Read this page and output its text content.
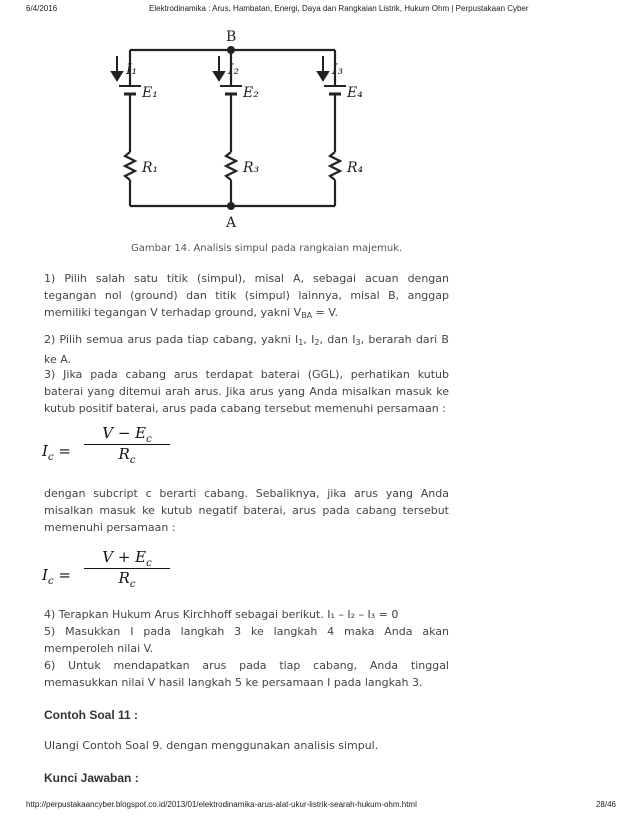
6/4/2016	Elektrodinamika : Arus, Hambatan, Energi, Daya dan Rangkaian Listrik, Hukum Ohm | Perpustakaan Cyber
B
A
I₁	I₂	I₃
E₁	E₂	E₄
R₁	R₃	R₄
Gambar 14. Analisis simpul pada rangkaian majemuk.
1) Pilih salah satu titik (simpul), misal A, sebagai acuan dengan tegangan nol (ground) dan titik (simpul) lainnya, misal B, anggap memiliki tegangan V terhadap ground, yakni $V_{BA} = V$.
2) Pilih semua arus pada tiap cabang, yakni $I_1$, $I_2$, dan $I_3$, berarah dari B ke A.
3) Jika pada cabang arus terdapat baterai (GGL), perhatikan kutub baterai yang ditemui arah arus. Jika arus yang Anda misalkan masuk ke kutub positif baterai, arus pada cabang tersebut memenuhi persamaan :
$I_c$ =
$V - E_c$
$R_c$
dengan subcript c berarti cabang. Sebaliknya, jika arus yang Anda misalkan masuk ke kutub negatif baterai, arus pada cabang tersebut memenuhi persamaan :
$I_c$ =
$V + E_c$
$R_c$
4) Terapkan Hukum Arus Kirchhoff sebagai berikut. I₁ – I₂ – I₃ = 0
5) Masukkan I pada langkah 3 ke langkah 4 maka Anda akan memperoleh nilai V.
6) Untuk mendapatkan arus pada tiap cabang, Anda tinggal memasukkan nilai V hasil langkah 5 ke persamaan I pada langkah 3.
Contoh Soal 11 :
Ulangi Contoh Soal 9. dengan menggunakan analisis simpul.
Kunci Jawaban :
http://perpustakaancyber.blogspot.co.id/2013/01/elektrodinamika-arus-alat-ukur-listrik-searah-hukum-ohm.html	28/46
